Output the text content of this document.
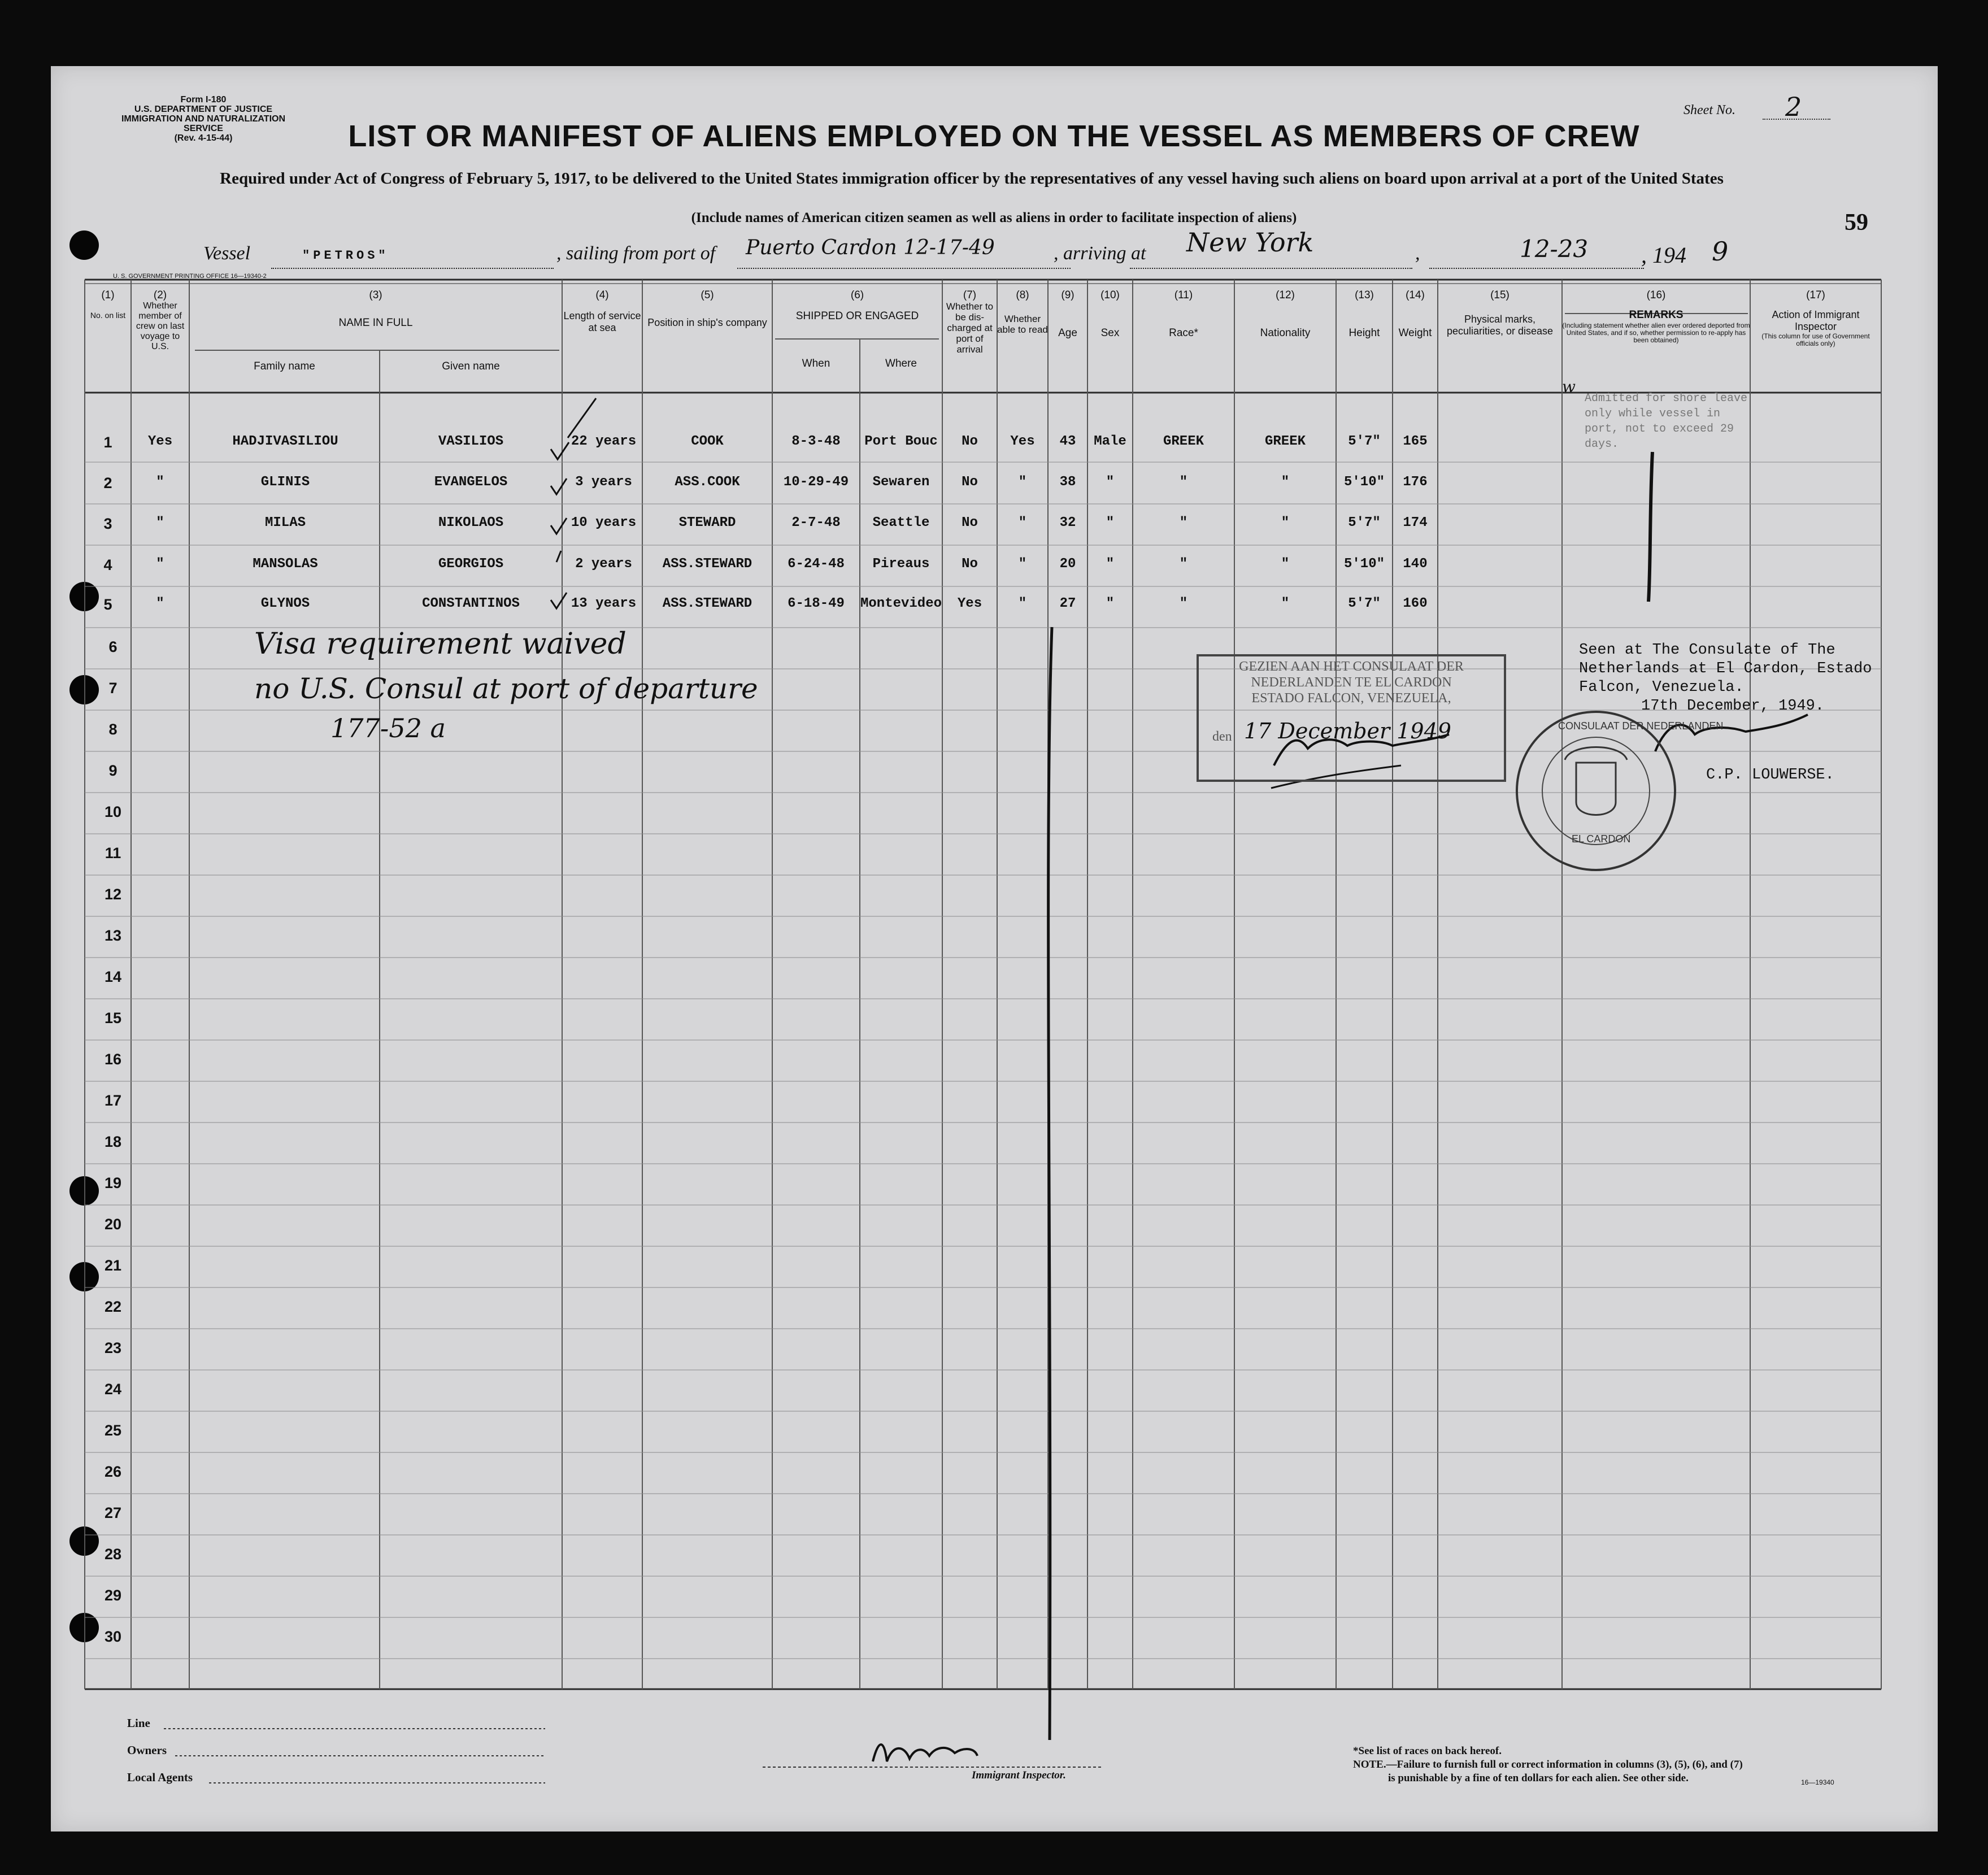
Form I-180
U.S. DEPARTMENT OF JUSTICE
IMMIGRATION AND NATURALIZATION SERVICE
(Rev. 4-15-44)
Sheet No. 2
LIST OR MANIFEST OF ALIENS EMPLOYED ON THE VESSEL AS MEMBERS OF CREW
Required under Act of Congress of February 5, 1917, to be delivered to the United States immigration officer by the representatives of any vessel having such aliens on board upon arrival at a port of the United States
(Include names of American citizen seamen as well as aliens in order to facilitate inspection of aliens)	59
Vessel	"PETROS"	, sailing from port of Puerto Cardon 12-17-49	, arriving at New York	,	12-23 , 194 9
U. S. GOVERNMENT PRINTING OFFICE 16—19340-2
(1)
No. on list
(2)
Whether member of crew on last voyage to U.S.
(3)
NAME IN FULL
Family name	Given name
(4)
Length of service at sea
(5)
Position in ship's company
(6)
SHIPPED OR ENGAGED
When	Where
(7)
Whether to be dis-charged at port of arrival
(8)
Whether able to read
(9)
Age
(10)
Sex
(11)
Race*
(12)
Nationality
(13)
Height
(14)
Weight
(15)
Physical marks, peculiarities, or disease
(16)
REMARKS
(Including statement whether alien ever ordered deported from United States, and if so, whether permission to re-apply has been obtained)
(17)
Action of Immigrant Inspector
(This column for use of Government officials only)
1	Yes	HADJIVASILIOU	VASILIOS	22 years	COOK	8-3-48	Port Bouc	No	Yes	43	Male	GREEK	GREEK	5'7"	165
2	"	GLINIS	EVANGELOS	3 years	ASS.COOK	10-29-49	Sewaren	No	"	38	"	"	"	5'10"	176
3	"	MILAS	NIKOLAOS	10 years	STEWARD	2-7-48	Seattle	No	"	32	"	"	"	5'7"	174
4	"	MANSOLAS	GEORGIOS	2 years	ASS.STEWARD	6-24-48	Pireaus	No	"	20	"	"	"	5'10"	140
5	"	GLYNOS	CONSTANTINOS	13 years	ASS.STEWARD	6-18-49	Montevideo	Yes	"	27	"	"	"	5'7"	160
6
7
8
9
10
11
12
13
14
15
16
17
18
19
20
21
22
23
24
25
26
27
28
29
30
Admitted for shore leave only while vessel in port, not to exceed 29 days.
w
Visa requirement waived
no U.S. Consul at port of departure
177-52 a
GEZIEN AAN HET CONSULAAT DER
NEDERLANDEN TE EL CARDON
ESTADO FALCON, VENEZUELA,
den 17 December 1949	CONSULAAT DER NEDERLANDEN
EL CARDON
Seen at The Consulate of The
Netherlands at El Cardon, Estado
Falcon, Venezuela.
17th December, 1949.
C.P. LOUWERSE.
Line
Owners
Local Agents	Immigrant Inspector.
*See list of races on back hereof.
NOTE.—Failure to furnish full or correct information in columns (3), (5), (6), and (7)
is punishable by a fine of ten dollars for each alien. See other side.	16—19340
